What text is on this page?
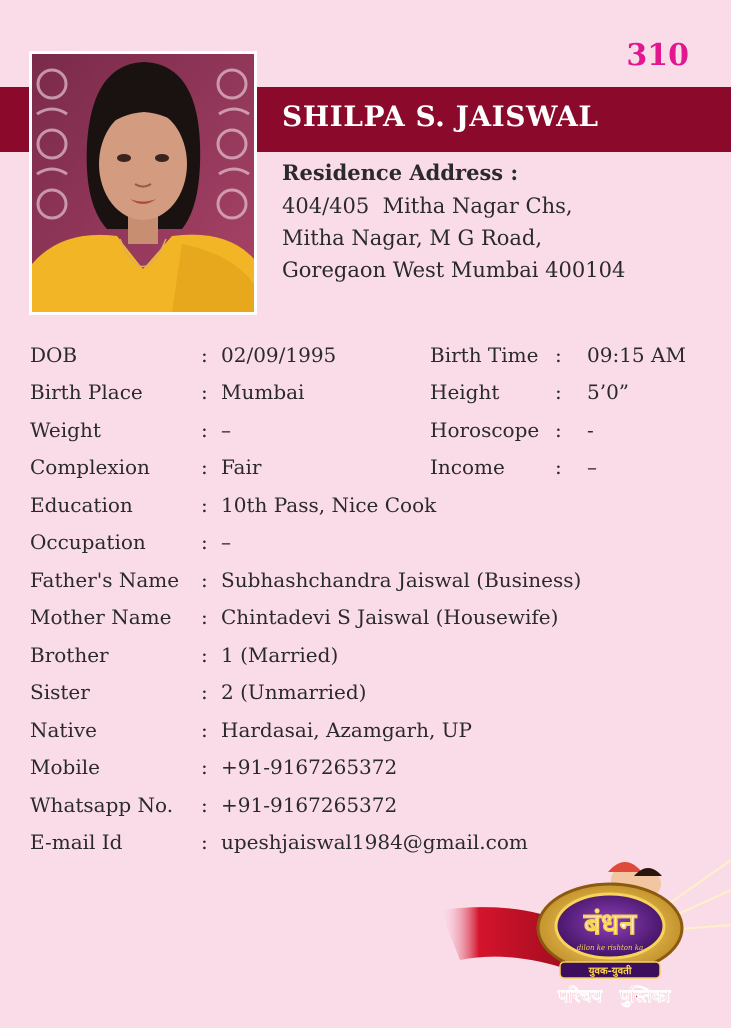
310
SHILPA S. JAISWAL
Residence Address :
404/405  Mitha Nagar Chs,
Mitha Nagar, M G Road,
Goregaon West Mumbai 400104
DOB	: 02/09/1995	Birth Time : 09:15 AM
Birth Place	: Mumbai	Height	: 5’0”
Weight	: –	Horoscope : -
Complexion	: Fair	Income	: –
Education	: 10th Pass, Nice Cook
Occupation	: –
Father's Name : Subhashchandra Jaiswal (Business)
Mother Name : Chintadevi S Jaiswal (Housewife)
Brother	: 1 (Married)
Sister	: 2 (Unmarried)
Native	: Hardasai, Azamgarh, UP
Mobile	: +91-9167265372
Whatsapp No. : +91-9167265372
E-mail Id	: upeshjaiswal1984@gmail.com
बंधन
dilon ke rishton ka
युवक-युवती
परिचय पुस्तिका
